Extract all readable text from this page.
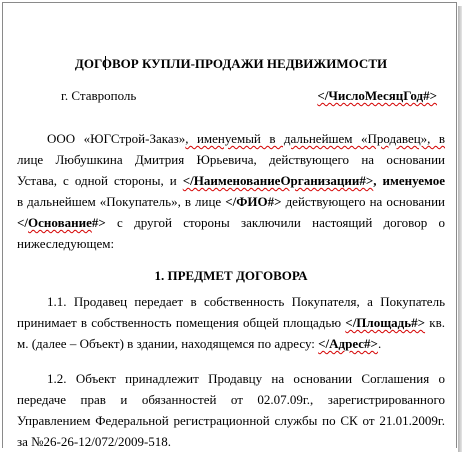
ДОГОВОР КУПЛИ-ПРОДАЖИ НЕДВИЖИМОСТИ
г. Ставрополь	</ЧислоМесяцГод#>
ООО «ЮГСтрой-Заказ», именуемый в дальнейшем «Продавец», в
лице Любушкина Дмитрия Юрьевича, действующего на основании
Устава, с одной стороны, и </НаименованиеОрганизации#>, именуемое
в дальнейшем «Покупатель», в лице </ФИО#> действующего на основании
</Основание#> с другой стороны заключили настоящий договор о
нижеследующем:
1. ПРЕДМЕТ ДОГОВОРА
1.1. Продавец передает в собственность Покупателя, а Покупатель
принимает в собственность помещения общей площадью </Площадь#> кв.
м. (далее – Объект) в здании, находящемся по адресу: </Адрес#>.
1.2. Объект принадлежит Продавцу на основании Соглашения о
передаче прав и обязанностей от 02.07.09г., зарегистрированного
Управлением Федеральной регистрационной службы по СК от 21.01.2009г.
за №26-26-12/072/2009-518.
